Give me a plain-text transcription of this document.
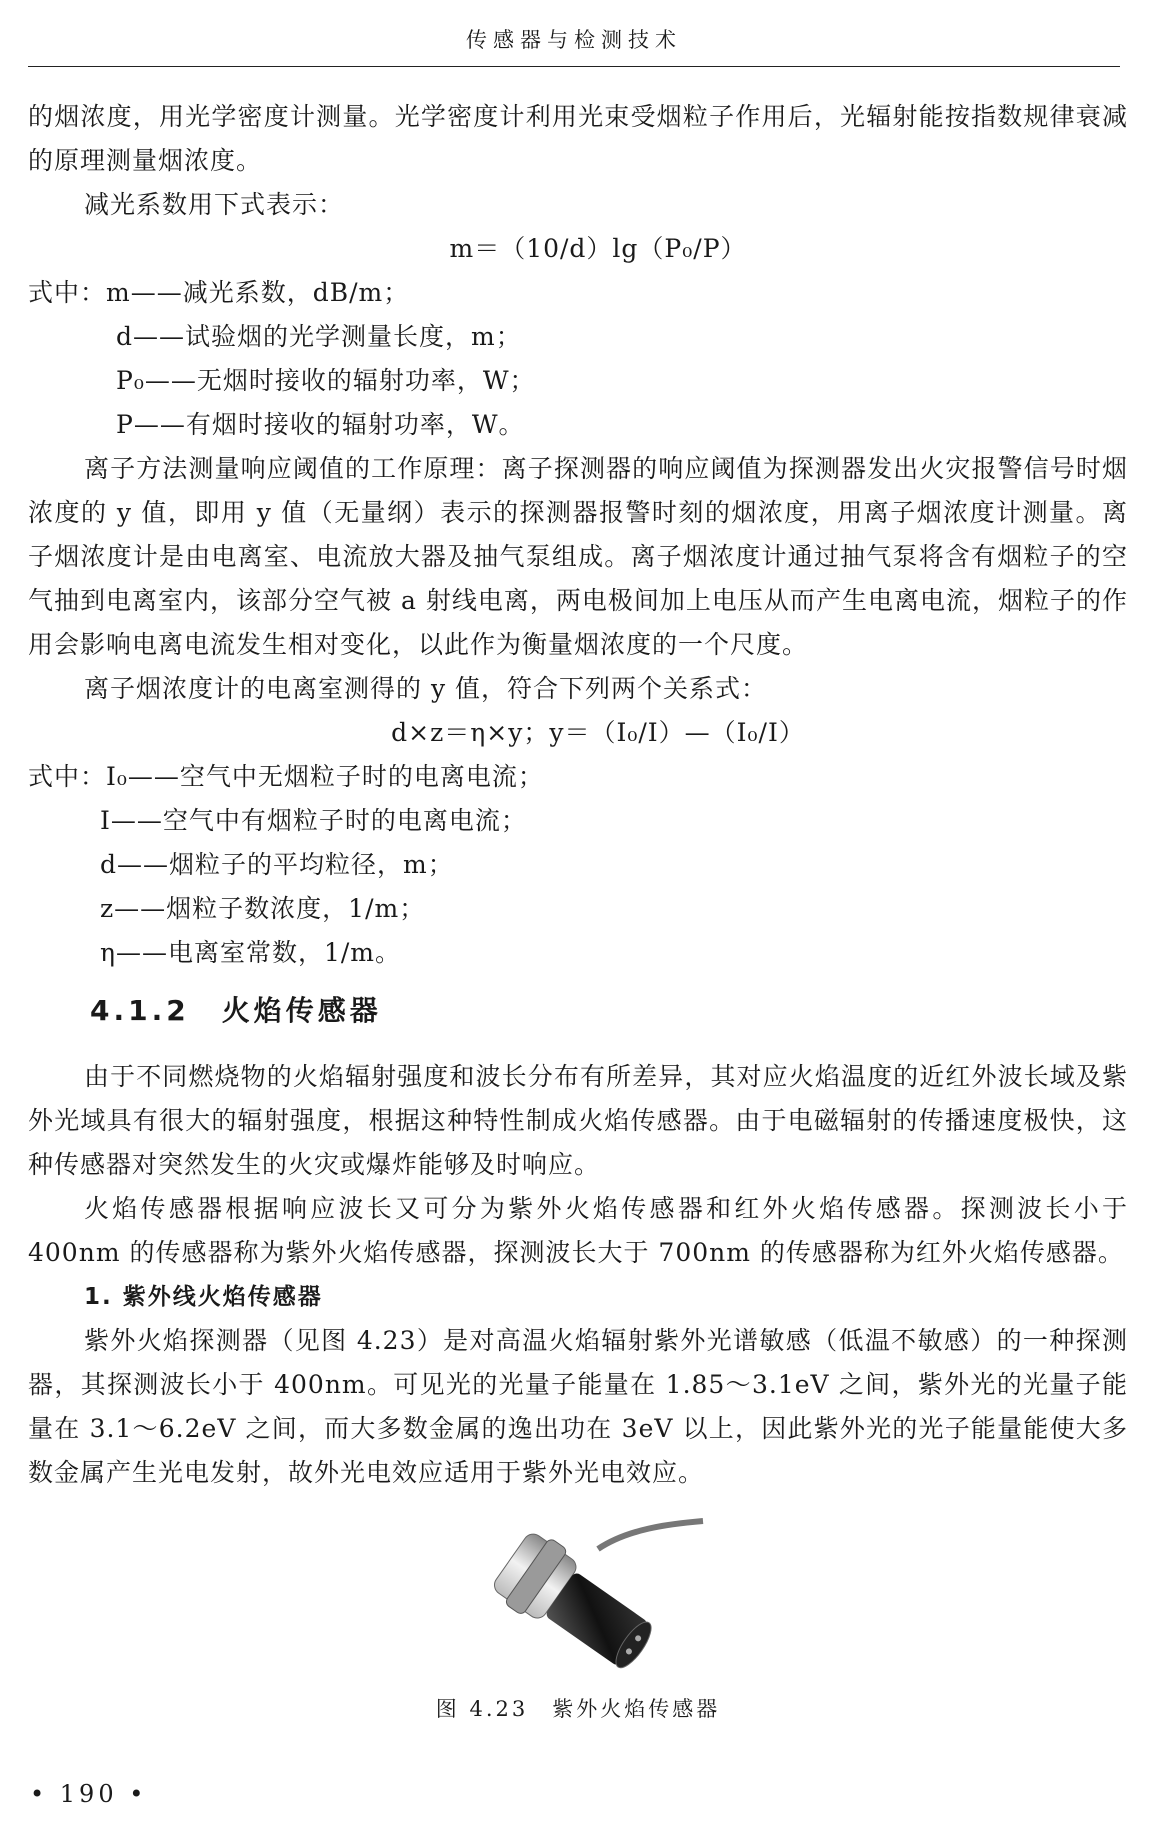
传感器与检测技术

的烟浓度，用光学密度计测量。光学密度计利用光束受烟粒子作用后，光辐射能按指数规律衰减的原理测量烟浓度。

减光系数用下式表示：

m＝（10/d）lg（P₀/P）
式中：m——减光系数，dB/m；
d——试验烟的光学测量长度，m；
P₀——无烟时接收的辐射功率，W；
P——有烟时接收的辐射功率，W。

离子方法测量响应阈值的工作原理：离子探测器的响应阈值为探测器发出火灾报警信号时烟浓度的 y 值，即用 y 值（无量纲）表示的探测器报警时刻的烟浓度，用离子烟浓度计测量。离子烟浓度计是由电离室、电流放大器及抽气泵组成。离子烟浓度计通过抽气泵将含有烟粒子的空气抽到电离室内，该部分空气被 a 射线电离，两电极间加上电压从而产生电离电流，烟粒子的作用会影响电离电流发生相对变化，以此作为衡量烟浓度的一个尺度。

离子烟浓度计的电离室测得的 y 值，符合下列两个关系式：

d×z＝η×y；y＝（I₀/I）—（I₀/I）
式中：I₀——空气中无烟粒子时的电离电流；
I——空气中有烟粒子时的电离电流；
d——烟粒子的平均粒径，m；
z——烟粒子数浓度，1/m；
η——电离室常数，1/m。
4.1.2　火焰传感器

由于不同燃烧物的火焰辐射强度和波长分布有所差异，其对应火焰温度的近红外波长域及紫外光域具有很大的辐射强度，根据这种特性制成火焰传感器。由于电磁辐射的传播速度极快，这种传感器对突然发生的火灾或爆炸能够及时响应。

火焰传感器根据响应波长又可分为紫外火焰传感器和红外火焰传感器。探测波长小于 400nm 的传感器称为紫外火焰传感器，探测波长大于 700nm 的传感器称为红外火焰传感器。

1. 紫外线火焰传感器

紫外火焰探测器（见图 4.23）是对高温火焰辐射紫外光谱敏感（低温不敏感）的一种探测器，其探测波长小于 400nm。可见光的光量子能量在 1.85～3.1eV 之间，紫外光的光量子能量在 3.1～6.2eV 之间，而大多数金属的逸出功在 3eV 以上，因此紫外光的光子能量能使大多数金属产生光电发射，故外光电效应适用于紫外光电效应。

图 4.23　紫外火焰传感器
• 190 •
